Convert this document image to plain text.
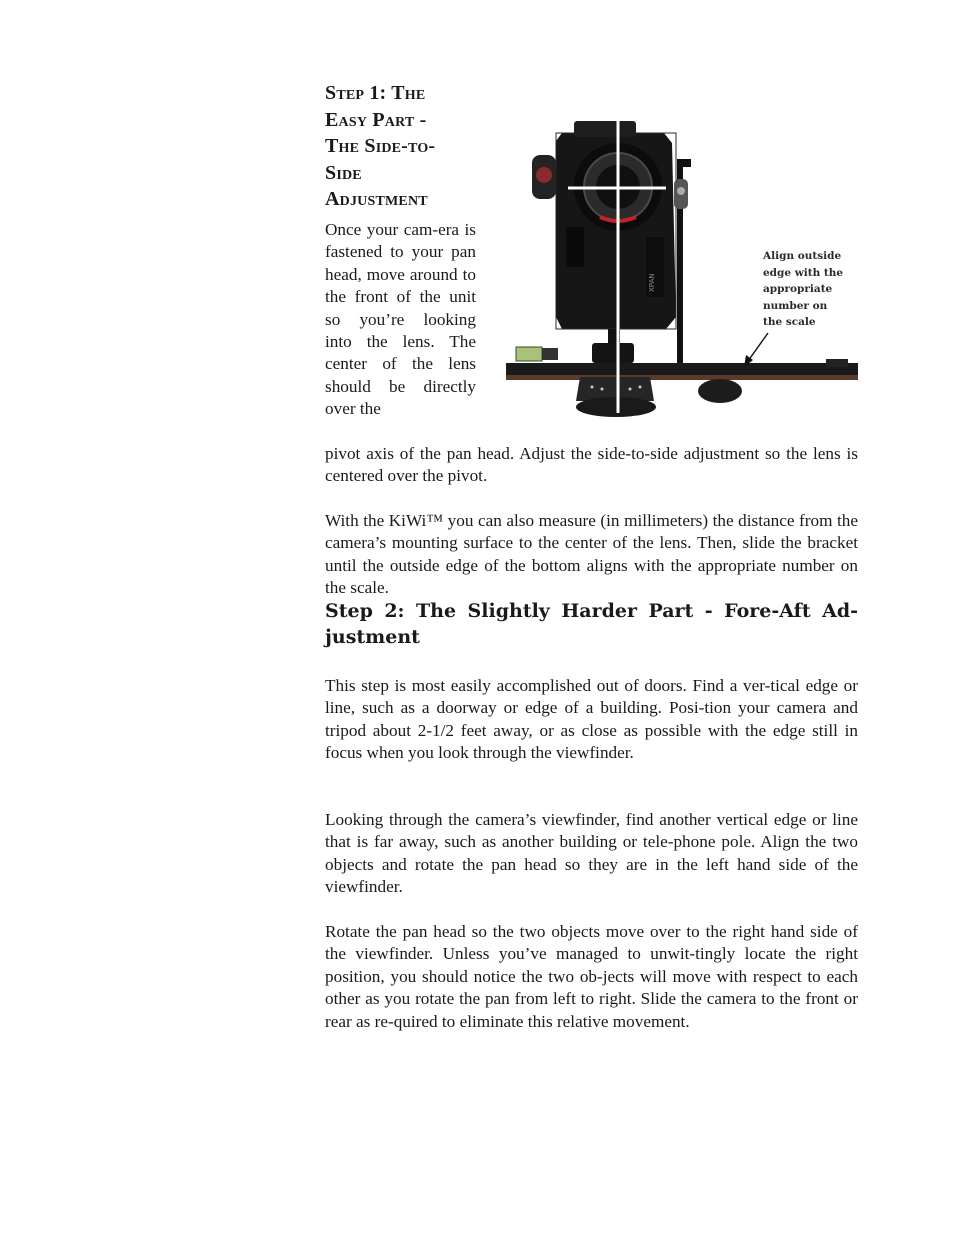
Step 1: The
Easy Part -
The Side-to-
Side
Adjustment

Once your cam-era is fastened to your pan head, move around to the front of the unit so you’re looking into the lens. The center of the lens should be directly over the

XPAN
Align outside
edge with the
appropriate
number on
the scale

pivot axis of the pan head. Adjust the side-to-side adjustment so the lens is centered over the pivot.

With the KiWi™ you can also measure (in millimeters) the distance from the camera’s mounting surface to the center of the lens. Then, slide the bracket until the outside edge of the bottom aligns with the appropriate number on the scale.

Step 2: The Slightly Harder Part - Fore-Aft Ad-justment

This step is most easily accomplished out of doors. Find a ver-tical edge or line, such as a doorway or edge of a building. Posi-tion your camera and tripod about 2-1/2 feet away, or as close as possible with the edge still in focus when you look through the viewfinder.

Looking through the camera’s viewfinder, find another vertical edge or line that is far away, such as another building or tele-phone pole. Align the two objects and rotate the pan head so they are in the left hand side of the viewfinder.

Rotate the pan head so the two objects move over to the right hand side of the viewfinder. Unless you’ve managed to unwit-tingly locate the right position, you should notice the two ob-jects will move with respect to each other as you rotate the pan from left to right. Slide the camera to the front or rear as re-quired to eliminate this relative movement.
